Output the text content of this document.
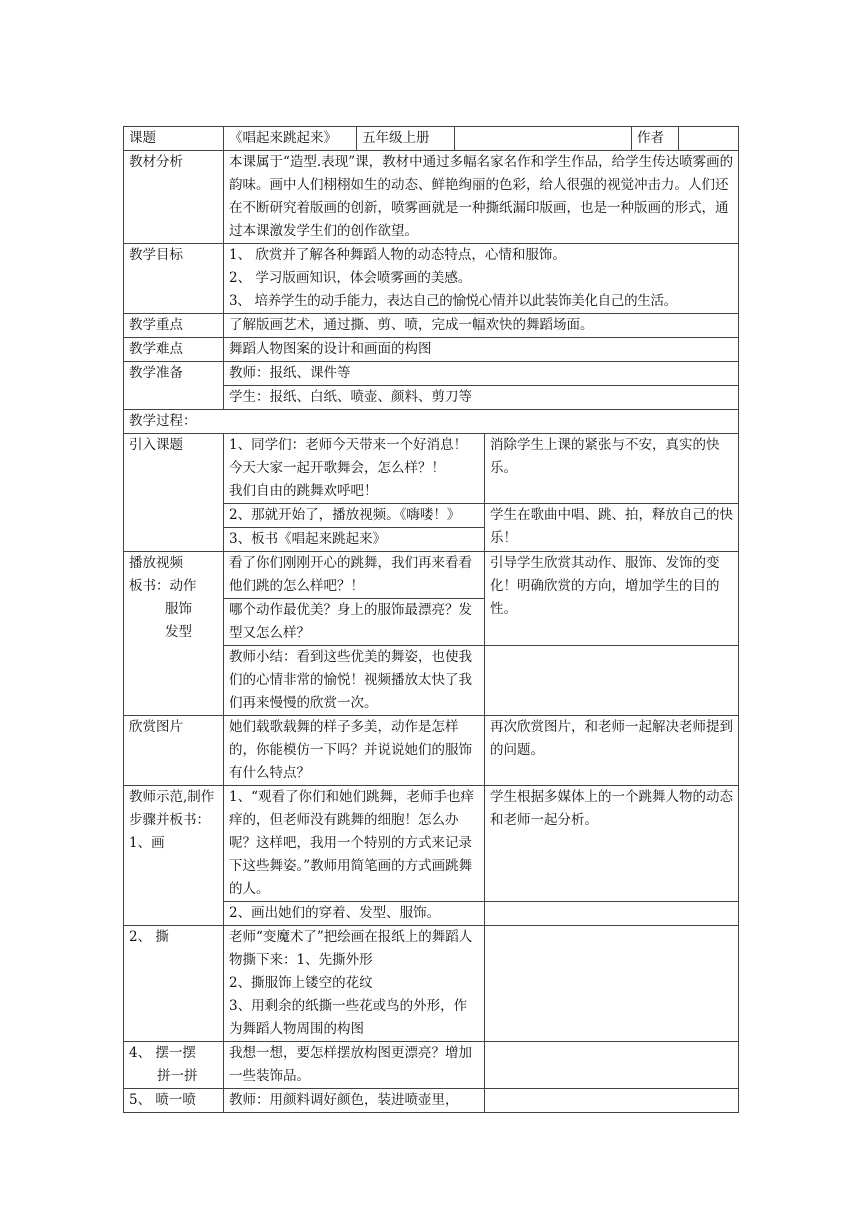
课题	《唱起来跳起来》	五年级上册			作者	
教材分析	本课属于“造型.表现”课，教材中通过多幅名家名作和学生作品，给学生传达喷雾画的韵味。画中人们栩栩如生的动态、鲜艳绚丽的色彩，给人很强的视觉冲击力。人们还在不断研究着版画的创新，喷雾画就是一种撕纸漏印版画，也是一种版画的形式，通过本课激发学生们的创作欲望。					
教学目标	1、 欣赏并了解各种舞蹈人物的动态特点，心情和服饰。
2、 学习版画知识，体会喷雾画的美感。
3、 培养学生的动手能力，表达自己的愉悦心情并以此装饰美化自己的生活。					

教学重点	了解版画艺术，通过撕、剪、喷，完成一幅欢快的舞蹈场面。					
教学难点	舞蹈人物图案的设计和画面的构图					
教学准备	教师：报纸、课件等					
	学生：报纸、白纸、喷壶、颜料、剪刀等					
教学过程：						
引入课题	1、同学们：老师今天带来一个好消息！
今天大家一起开歌舞会，怎么样？！
我们自由的跳舞欢呼吧！			消除学生上课的紧张与不安，真实的快乐。		
	2、那就开始了，播放视频。《嗨喽！》			学生在歌曲中唱、跳、拍，释放自己的快乐！		
	3、板书《唱起来跳起来》					

播放视频
板书：动作
服饰
发型	看了你们刚刚开心的跳舞，我们再来看看他们跳的怎么样吧？！			引导学生欣赏其动作、服饰、发饰的变化！明确欣赏的方向，增加学生的目的性。		
	哪个动作最优美？身上的服饰最漂亮？发型又怎么样？					
	教师小结：看到这些优美的舞姿，也使我们的心情非常的愉悦！视频播放太快了我们再来慢慢的欣赏一次。					
欣赏图片	她们载歌载舞的样子多美，动作是怎样的，你能模仿一下吗？并说说她们的服饰有什么特点？			再次欣赏图片，和老师一起解决老师提到的问题。		

教师示范,制作步骤并板书：
1、画	1、“观看了你们和她们跳舞，老师手也痒痒的，但老师没有跳舞的细胞！怎么办呢？这样吧，我用一个特别的方式来记录下这些舞姿。”教师用简笔画的方式画跳舞的人。			学生根据多媒体上的一个跳舞人物的动态和老师一起分析。		
	2、画出她们的穿着、发型、服饰。					
2、 撕	老师“变魔术了”把绘画在报纸上的舞蹈人物撕下来：1、先撕外形
2、撕服饰上镂空的花纹
3、用剩余的纸撕一些花或鸟的外形，作为舞蹈人物周围的构图					

4、 摆一摆
拼一拼	我想一想，要怎样摆放构图更漂亮？增加一些装饰品。					
5、 喷一喷	教师：用颜料调好颜色，装进喷壶里，					
